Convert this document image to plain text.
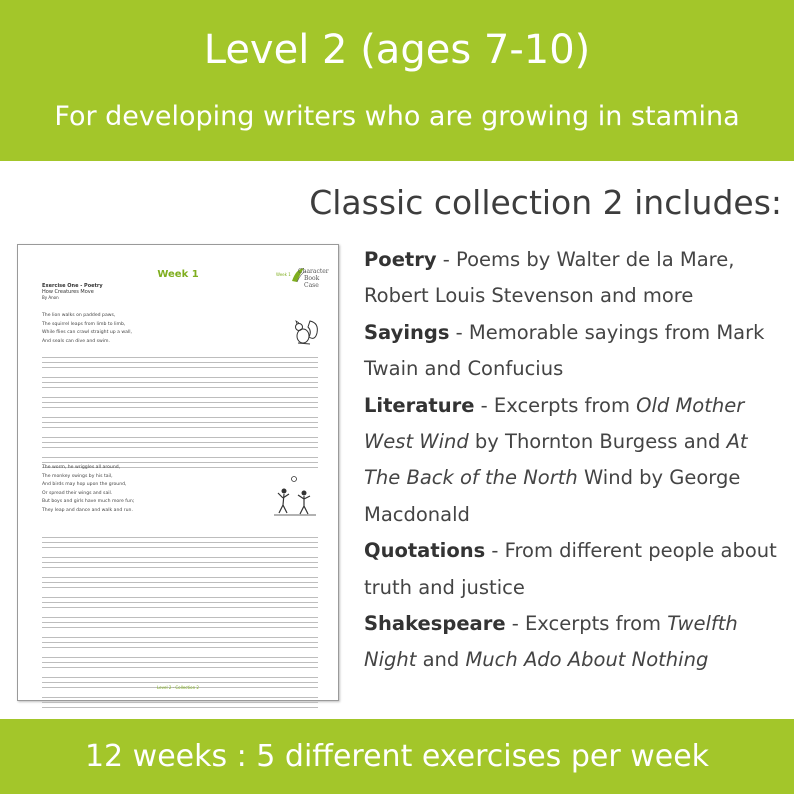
Level 2 (ages 7-10)
For developing writers who are growing in stamina
Classic collection 2 includes:
Week 1	Week 1 Character
Book Case
Exercise One - Poetry
How Creatures Move
By Anon
The lion walks on padded paws,
The squirrel leaps from limb to limb,
While flies can crawl straight up a wall,
And seals can dive and swim.
The worm, he wriggles all around,
The monkey swings by his tail,
And birds may hop upon the ground,
Or spread their wings and sail.
But boys and girls have much more fun;
They leap and dance and walk and run.
Level 2 - Collection 2

Poetry - Poems by Walter de la Mare, Robert Louis Stevenson and more

Sayings - Memorable sayings from Mark Twain and Confucius

Literature - Excerpts from Old Mother West Wind by Thornton Burgess and At The Back of the North Wind by George Macdonald

Quotations - From different people about truth and justice

Shakespeare - Excerpts from Twelfth Night and Much Ado About Nothing

12 weeks : 5 different exercises per week
